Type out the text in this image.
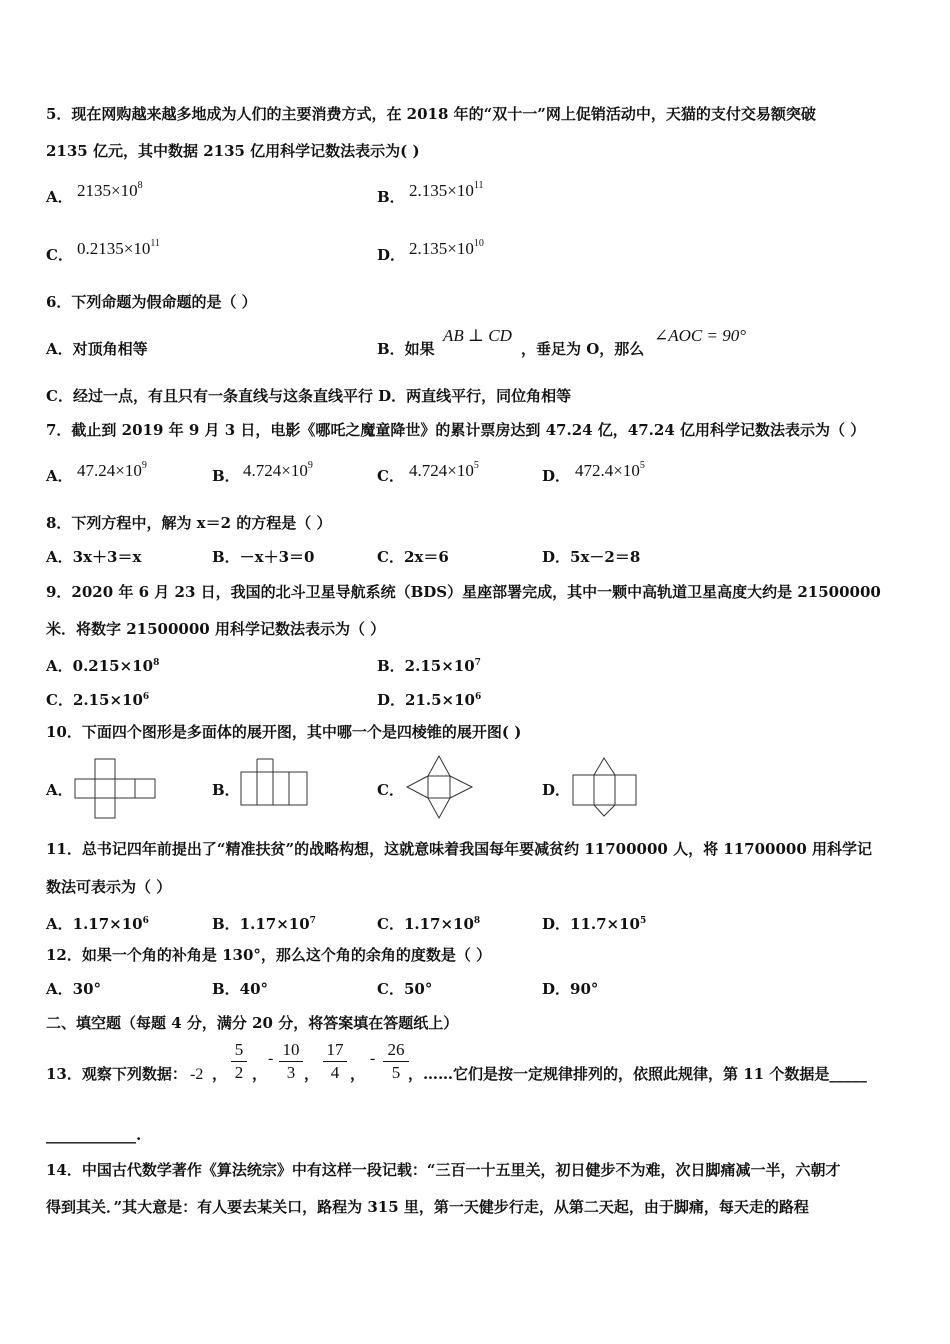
5．现在网购越来越多地成为人们的主要消费方式，在 2018 年的“双十一”网上促销活动中，天猫的支付交易额突破
2135 亿元，其中数据 2135 亿用科学记数法表示为( )
A． $2135\times 10^8$
B． $2.135\times 10^{11}$
C． $0.2135\times 10^{11}$
D． $2.135\times 10^{10}$
6．下列命题为假命题的是（ ）
A．对顶角相等	B．如果
AB ⊥ CD
，垂足为 O，那么
∠AOC = 90°
C．经过一点，有且只有一条直线与这条直线平行 D．两直线平行，同位角相等
7．截止到 2019 年 9 月 3 日，电影《哪吒之魔童降世》的累计票房达到 47.24 亿，47.24 亿用科学记数法表示为（ ）
A． $47.24\times 10^9$
B． $4.724\times 10^9$
C． $4.724\times 10^5$
D． $472.4\times 10^5$
8．下列方程中，解为 x＝2 的方程是（ ）
A．3x＋3＝x	B．－x＋3＝0	C．2x＝6	D．5x－2＝8
9．2020 年 6 月 23 日，我国的北斗卫星导航系统（BDS）星座部署完成，其中一颗中高轨道卫星高度大约是 21500000
米．将数字 21500000 用科学记数法表示为（ ）
A．$0.215\times 10^8$	B．$2.15\times 10^7$
C．$2.15\times 10^6$	D．$21.5\times 10^6$
10．下面四个图形是多面体的展开图，其中哪一个是四棱锥的展开图( )
A．	B．	C．	D．
11．总书记四年前提出了“精准扶贫”的战略构想，这就意味着我国每年要减贫约 11700000 人，将 11700000 用科学记
数法可表示为（ ）
A．$1.17\times 10^6$	B．$1.17\times 10^7$	C．$1.17\times 10^8$	D．$11.7\times 10^5$
12．如果一个角的补角是 130°，那么这个角的余角的度数是（ ）
A．30°	B．40°	C．50°	D．90°
二、填空题（每题 4 分，满分 20 分，将答案填在答题纸上）
13．观察下列数据： -2 ，
5
2 ，
- 10
3 ，
17
4 ，
- 26
5 ，……它们是按一定规律排列的，依照此规律，第 11 个数据是_____
____________.
14．中国古代数学著作《算法统宗》中有这样一段记载：“三百一十五里关，初日健步不为难，次日脚痛减一半，六朝才
得到其关．”其大意是：有人要去某关口，路程为 315 里，第一天健步行走，从第二天起，由于脚痛，每天走的路程
